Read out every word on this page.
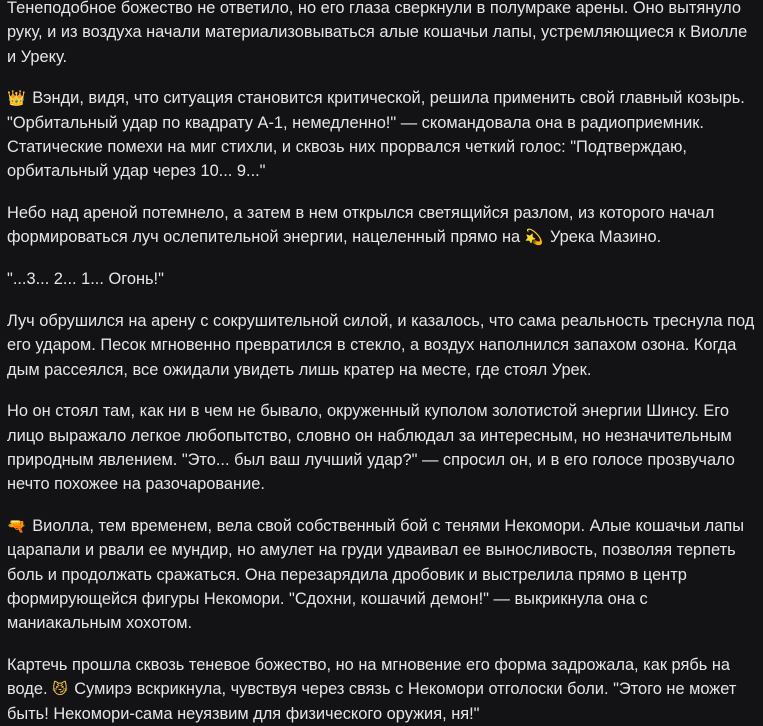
Тенеподобное божество не ответило, но его глаза сверкнули в полумраке арены. Оно вытянуло руку, и из воздуха начали материализовываться алые кошачьи лапы, устремляющиеся к Виолле и Уреку.

👑 Вэнди, видя, что ситуация становится критической, решила применить свой главный козырь. "Орбитальный удар по квадрату А-1, немедленно!" — скомандовала она в радиоприемник. Статические помехи на миг стихли, и сквозь них прорвался четкий голос: "Подтверждаю, орбитальный удар через 10... 9..."

Небо над ареной потемнело, а затем в нем открылся светящийся разлом, из которого начал формироваться луч ослепительной энергии, нацеленный прямо на 💫 Урека Мазино.

"...3... 2... 1... Огонь!"

Луч обрушился на арену с сокрушительной силой, и казалось, что сама реальность треснула под его ударом. Песок мгновенно превратился в стекло, а воздух наполнился запахом озона. Когда дым рассеялся, все ожидали увидеть лишь кратер на месте, где стоял Урек.

Но он стоял там, как ни в чем не бывало, окруженный куполом золотистой энергии Шинсу. Его лицо выражало легкое любопытство, словно он наблюдал за интересным, но незначительным природным явлением. "Это... был ваш лучший удар?" — спросил он, и в его голосе прозвучало нечто похожее на разочарование.

🔫 Виолла, тем временем, вела свой собственный бой с тенями Некомори. Алые кошачьи лапы царапали и рвали ее мундир, но амулет на груди удваивал ее выносливость, позволяя терпеть боль и продолжать сражаться. Она перезарядила дробовик и выстрелила прямо в центр формирующейся фигуры Некомори. "Сдохни, кошачий демон!" — выкрикнула она с маниакальным хохотом.

Картечь прошла сквозь теневое божество, но на мгновение его форма задрожала, как рябь на воде. 😼 Сумирэ вскрикнула, чувствуя через связь с Некомори отголоски боли. "Этого не может быть! Некомори-сама неуязвим для физического оружия, ня!"
